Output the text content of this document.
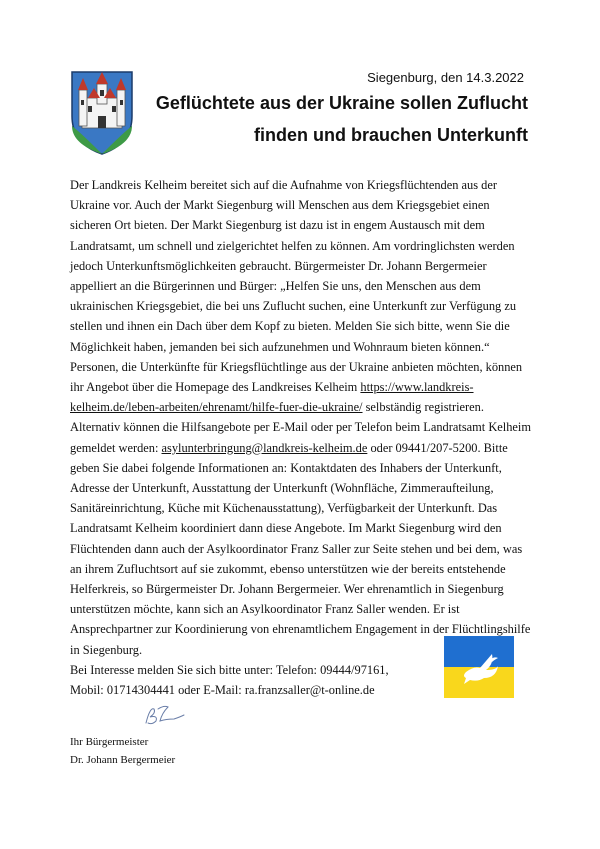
Siegenburg, den 14.3.2022
Geflüchtete aus der Ukraine sollen Zuflucht
finden und brauchen Unterkunft

Der Landkreis Kelheim bereitet sich auf die Aufnahme von Kriegsflüchtenden aus der Ukraine vor. Auch der Markt Siegenburg will Menschen aus dem Kriegsgebiet einen sicheren Ort bieten. Der Markt Siegenburg ist dazu ist in engem Austausch mit dem Landratsamt, um schnell und zielgerichtet helfen zu können. Am vordringlichsten werden jedoch Unterkunftsmöglichkeiten gebraucht. Bürgermeister Dr. Johann Bergermeier appelliert an die Bürgerinnen und Bürger: „Helfen Sie uns, den Menschen aus dem ukrainischen Kriegsgebiet, die bei uns Zuflucht suchen, eine Unterkunft zur Verfügung zu stellen und ihnen ein Dach über dem Kopf zu bieten. Melden Sie sich bitte, wenn Sie die Möglichkeit haben, jemanden bei sich aufzunehmen und Wohnraum bieten können.“ Personen, die Unterkünfte für Kriegsflüchtlinge aus der Ukraine anbieten möchten, können ihr Angebot über die Homepage des Landkreises Kelheim https://www.landkreis-kelheim.de/leben-arbeiten/ehrenamt/hilfe-fuer-die-ukraine/ selbständig registrieren. Alternativ können die Hilfsangebote per E-Mail oder per Telefon beim Landratsamt Kelheim gemeldet werden: asylunterbringung@landkreis-kelheim.de oder 09441/207-5200. Bitte geben Sie dabei folgende Informationen an: Kontaktdaten des Inhabers der Unterkunft, Adresse der Unterkunft, Ausstattung der Unterkunft (Wohnfläche, Zimmeraufteilung, Sanitäreinrichtung, Küche mit Küchenausstattung), Verfügbarkeit der Unterkunft. Das Landratsamt Kelheim koordiniert dann diese Angebote. Im Markt Siegenburg wird den Flüchtenden dann auch der Asylkoordinator Franz Saller zur Seite stehen und bei dem, was an ihrem Zufluchtsort auf sie zukommt, ebenso unterstützen wie der bereits entstehende Helferkreis, so Bürgermeister Dr. Johann Bergermeier. Wer ehrenamtlich in Siegenburg unterstützen möchte, kann sich an Asylkoordinator Franz Saller wenden. Er ist Ansprechpartner zur Koordinierung von ehrenamtlichem Engagement in der Flüchtlingshilfe in Siegenburg.

Bei Interesse melden Sie sich bitte unter: Telefon: 09444/97161,

Mobil: 01714304441 oder E-Mail: ra.franzsaller@t-online.de

Ihr Bürgermeister
Dr. Johann Bergermeier
